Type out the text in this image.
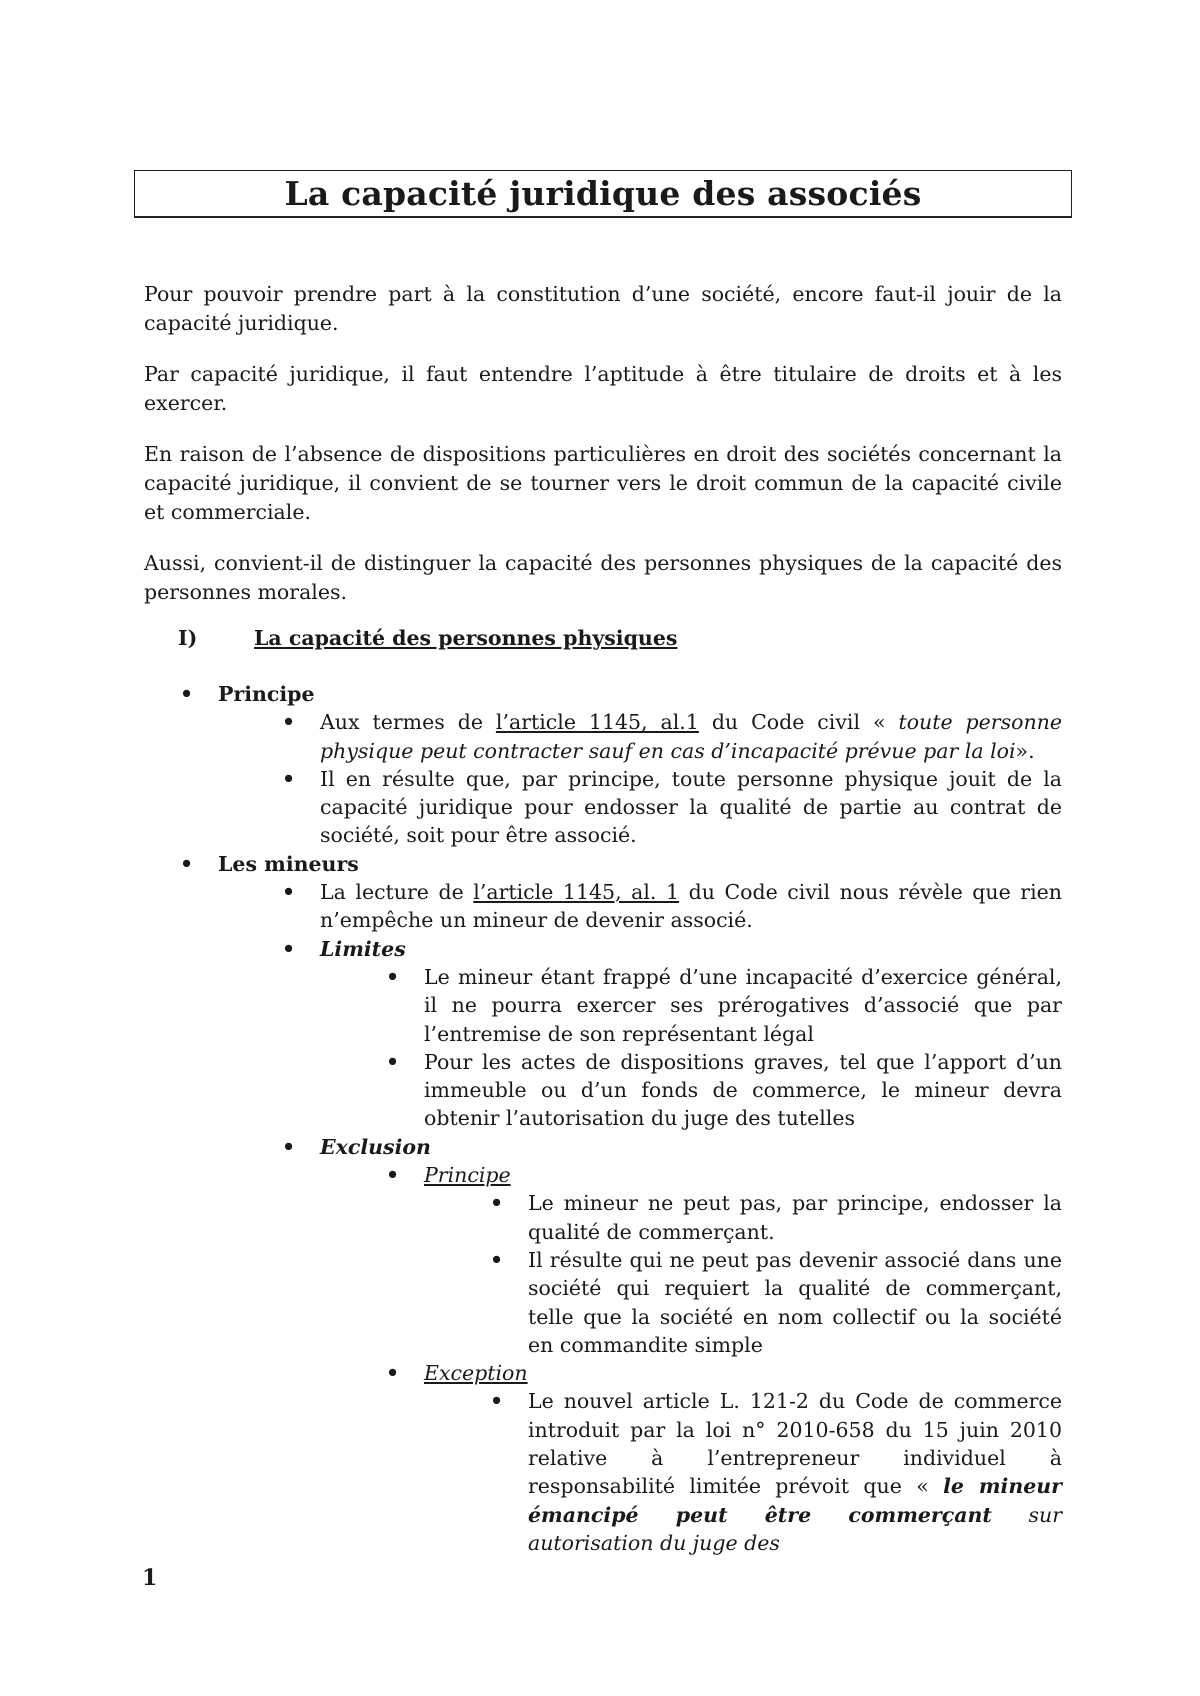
La capacité juridique des associés

Pour pouvoir prendre part à la constitution d’une société, encore faut-il jouir de la capacité juridique.

Par capacité juridique, il faut entendre l’aptitude à être titulaire de droits et à les exercer.

En raison de l’absence de dispositions particulières en droit des sociétés concernant la capacité juridique, il convient de se tourner vers le droit commun de la capacité civile et commerciale.

Aussi, convient-il de distinguer la capacité des personnes physiques de la capacité des personnes morales.

I)	La capacité des personnes physiques
• Principe
• Aux termes de l’article 1145, al.1 du Code civil « toute personne physique peut contracter sauf en cas d’incapacité prévue par la loi».
• Il en résulte que, par principe, toute personne physique jouit de la capacité juridique pour endosser la qualité de partie au contrat de société, soit pour être associé.
• Les mineurs
• La lecture de l’article 1145, al. 1 du Code civil nous révèle que rien n’empêche un mineur de devenir associé.
• Limites
• Le mineur étant frappé d’une incapacité d’exercice général, il ne pourra exercer ses prérogatives d’associé que par l’entremise de son représentant légal
• Pour les actes de dispositions graves, tel que l’apport d’un immeuble ou d’un fonds de commerce, le mineur devra obtenir l’autorisation du juge des tutelles
• Exclusion
• Principe
• Le mineur ne peut pas, par principe, endosser la qualité de commerçant.
• Il résulte qui ne peut pas devenir associé dans une société qui requiert la qualité de commerçant, telle que la société en nom collectif ou la société en commandite simple
• Exception
• Le nouvel article L. 121-2 du Code de commerce introduit par la loi n° 2010-658 du 15 juin 2010 relative à l’entrepreneur individuel à responsabilité limitée prévoit que « le mineur émancipé peut être commerçant sur autorisation du juge des
1
